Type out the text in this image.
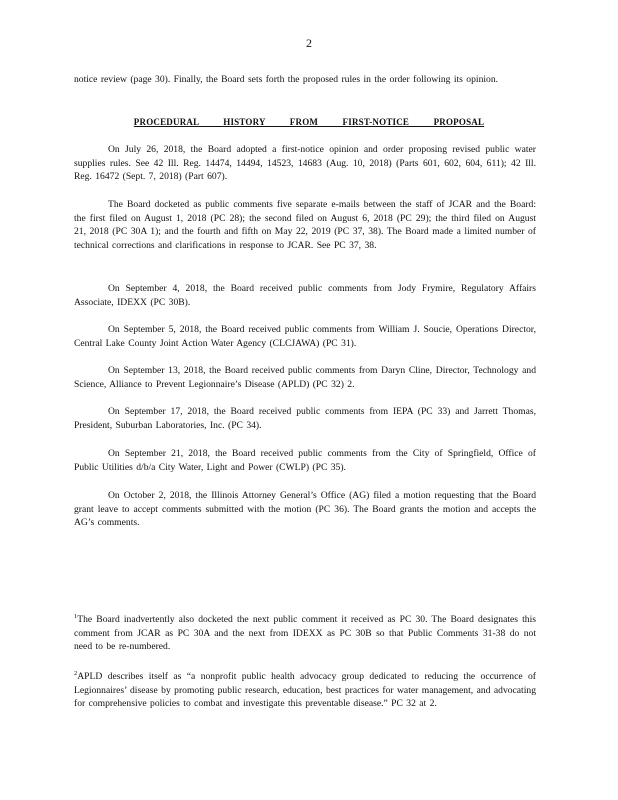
2
notice review (page 30). Finally, the Board sets forth the proposed rules in the order following its opinion.
PROCEDURAL HISTORY FROM FIRST-NOTICE PROPOSAL
On July 26, 2018, the Board adopted a first-notice opinion and order proposing revised public water supplies rules. See 42 Ill. Reg. 14474, 14494, 14523, 14683 (Aug. 10, 2018) (Parts 601, 602, 604, 611); 42 Ill. Reg. 16472 (Sept. 7, 2018) (Part 607).
The Board docketed as public comments five separate e-mails between the staff of JCAR and the Board: the first filed on August 1, 2018 (PC 28); the second filed on August 6, 2018 (PC 29); the third filed on August 21, 2018 (PC 30A 1); and the fourth and fifth on May 22, 2019 (PC 37, 38). The Board made a limited number of technical corrections and clarifications in response to JCAR. See PC 37, 38.
On September 4, 2018, the Board received public comments from Jody Frymire, Regulatory Affairs Associate, IDEXX (PC 30B).
On September 5, 2018, the Board received public comments from William J. Soucie, Operations Director, Central Lake County Joint Action Water Agency (CLCJAWA) (PC 31).
On September 13, 2018, the Board received public comments from Daryn Cline, Director, Technology and Science, Alliance to Prevent Legionnaire’s Disease (APLD) (PC 32) 2.
On September 17, 2018, the Board received public comments from IEPA (PC 33) and Jarrett Thomas, President, Suburban Laboratories, Inc. (PC 34).
On September 21, 2018, the Board received public comments from the City of Springfield, Office of Public Utilities d/b/a City Water, Light and Power (CWLP) (PC 35).
On October 2, 2018, the Illinois Attorney General’s Office (AG) filed a motion requesting that the Board grant leave to accept comments submitted with the motion (PC 36). The Board grants the motion and accepts the AG’s comments.
$^1$The Board inadvertently also docketed the next public comment it received as PC 30. The Board designates this comment from JCAR as PC 30A and the next from IDEXX as PC 30B so that Public Comments 31-38 do not need to be re-numbered.
$^2$APLD describes itself as “a nonprofit public health advocacy group dedicated to reducing the occurrence of Legionnaires’ disease by promoting public research, education, best practices for water management, and advocating for comprehensive policies to combat and investigate this preventable disease.” PC 32 at 2.
